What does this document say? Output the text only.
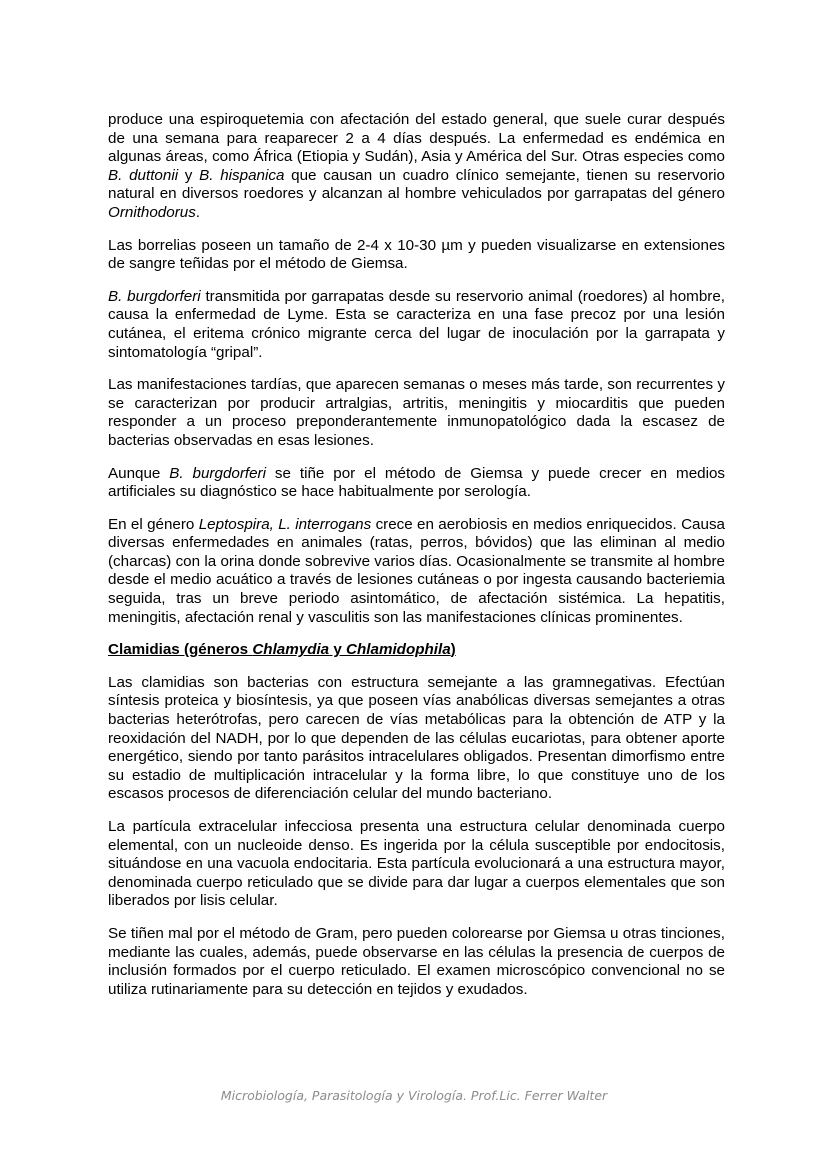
produce una espiroquetemia con afectación del estado general, que suele curar después de una semana para reaparecer 2 a 4 días después. La enfermedad es endémica en algunas áreas, como África (Etiopia y Sudán), Asia y América del Sur. Otras especies como B. duttonii y B. hispanica que causan un cuadro clínico semejante, tienen su reservorio natural en diversos roedores y alcanzan al hombre vehiculados por garrapatas del género Ornithodorus.

Las borrelias poseen un tamaño de 2-4 x 10-30 µm y pueden visualizarse en extensiones de sangre teñidas por el método de Giemsa.

B. burgdorferi transmitida por garrapatas desde su reservorio animal (roedores) al hombre, causa la enfermedad de Lyme. Esta se caracteriza en una fase precoz por una lesión cutánea, el eritema crónico migrante cerca del lugar de inoculación por la garrapata y sintomatología “gripal”.

Las manifestaciones tardías, que aparecen semanas o meses más tarde, son recurrentes y se caracterizan por producir artralgias, artritis, meningitis y miocarditis que pueden responder a un proceso preponderantemente inmunopatológico dada la escasez de bacterias observadas en esas lesiones.

Aunque B. burgdorferi se tiñe por el método de Giemsa y puede crecer en medios artificiales su diagnóstico se hace habitualmente por serología.

En el género Leptospira, L. interrogans crece en aerobiosis en medios enriquecidos. Causa diversas enfermedades en animales (ratas, perros, bóvidos) que las eliminan al medio (charcas) con la orina donde sobrevive varios días. Ocasionalmente se transmite al hombre desde el medio acuático a través de lesiones cutáneas o por ingesta causando bacteriemia seguida, tras un breve periodo asintomático, de afectación sistémica. La hepatitis, meningitis, afectación renal y vasculitis son las manifestaciones clínicas prominentes.

Clamidias (géneros Chlamydia y Chlamidophila)

Las clamidias son bacterias con estructura semejante a las gramnegativas. Efectúan síntesis proteica y biosíntesis, ya que poseen vías anabólicas diversas semejantes a otras bacterias heterótrofas, pero carecen de vías metabólicas para la obtención de ATP y la reoxidación del NADH, por lo que dependen de las células eucariotas, para obtener aporte energético, siendo por tanto parásitos intracelulares obligados. Presentan dimorfismo entre su estadio de multiplicación intracelular y la forma libre, lo que constituye uno de los escasos procesos de diferenciación celular del mundo bacteriano.

La partícula extracelular infecciosa presenta una estructura celular denominada cuerpo elemental, con un nucleoide denso. Es ingerida por la célula susceptible por endocitosis, situándose en una vacuola endocitaria. Esta partícula evolucionará a una estructura mayor, denominada cuerpo reticulado que se divide para dar lugar a cuerpos elementales que son liberados por lisis celular.

Se tiñen mal por el método de Gram, pero pueden colorearse por Giemsa u otras tinciones, mediante las cuales, además, puede observarse en las células la presencia de cuerpos de inclusión formados por el cuerpo reticulado. El examen microscópico convencional no se utiliza rutinariamente para su detección en tejidos y exudados.

Microbiología, Parasitología y Virología. Prof.Lic. Ferrer Walter
